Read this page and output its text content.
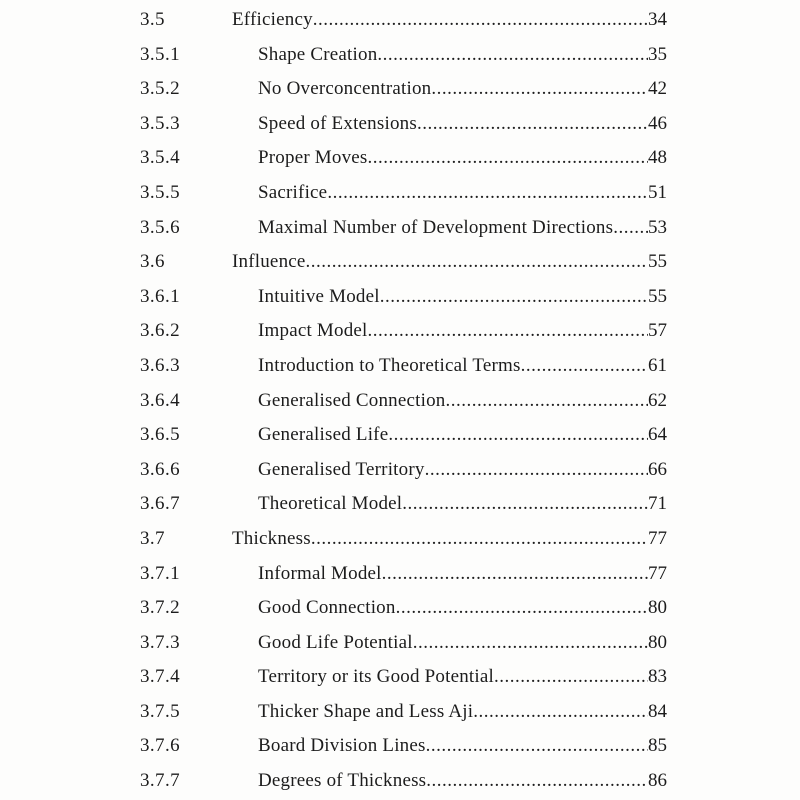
3.5	Efficiency .....	34
3.5.1	Shape Creation .....	35
3.5.2	No Overconcentration .....	42
3.5.3	Speed of Extensions .....	46
3.5.4	Proper Moves .....	48
3.5.5	Sacrifice .....	51
3.5.6	Maximal Number of Development Directions ..... 53
3.6	Influence .....	55
3.6.1	Intuitive Model .....	55
3.6.2	Impact Model .....	57
3.6.3	Introduction to Theoretical Terms .....	61
3.6.4	Generalised Connection .....	62
3.6.5	Generalised Life .....	64
3.6.6	Generalised Territory .....	66
3.6.7	Theoretical Model .....	71
3.7	Thickness .....	77
3.7.1	Informal Model .....	77
3.7.2	Good Connection .....	80
3.7.3	Good Life Potential .....	80
3.7.4	Territory or its Good Potential .....	83
3.7.5	Thicker Shape and Less Aji .....	84
3.7.6	Board Division Lines .....	85
3.7.7	Degrees of Thickness .....	86
